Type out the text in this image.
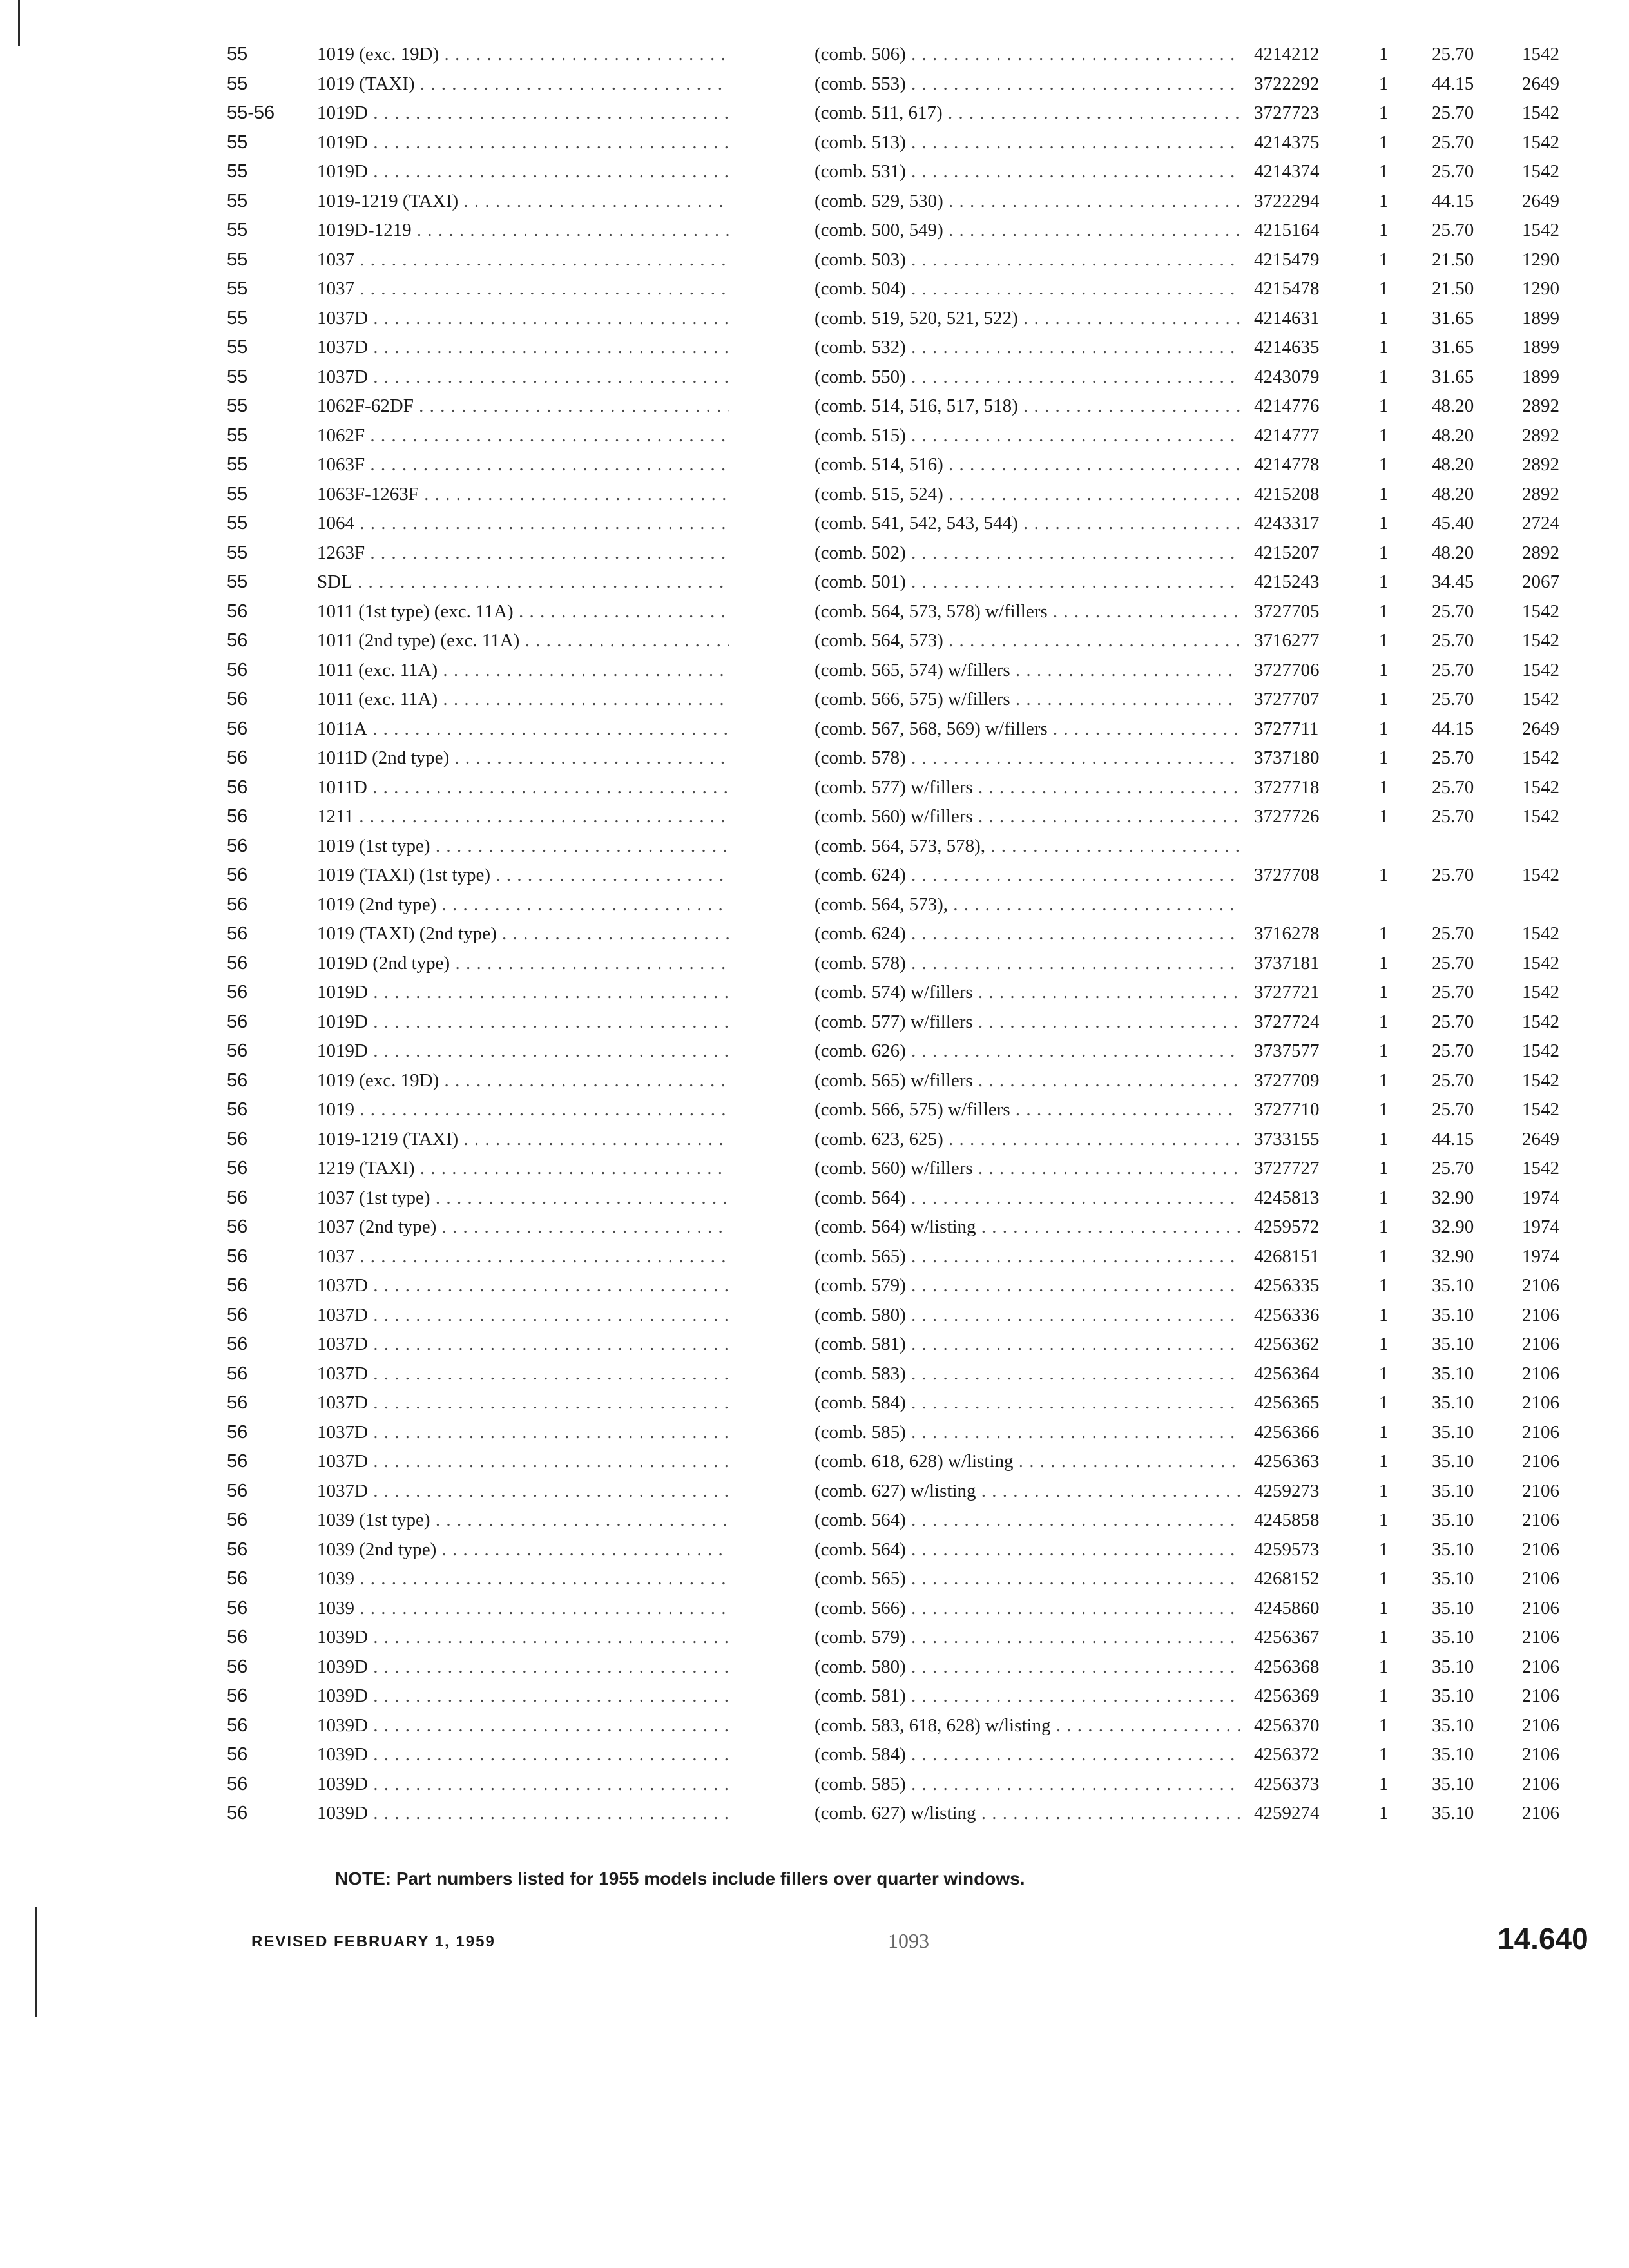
55	1019 (exc. 19D) . . .	(comb. 506) . . .	4214212	1 25.70	1542
55	1019 (TAXI) . . .	(comb. 553) . . .	3722292	1 44.15	2649
55-56 1019D . . .	(comb. 511, 617) . . .	3727723	1 25.70	1542
55	1019D . . .	(comb. 513) . . .	4214375	1 25.70	1542
55	1019D . . .	(comb. 531) . . .	4214374	1 25.70	1542
55	1019-1219 (TAXI) . . .	(comb. 529, 530) . . .	3722294	1 44.15	2649
55	1019D-1219 . . .	(comb. 500, 549) . . .	4215164	1 25.70	1542
55	1037 . . .	(comb. 503) . . .	4215479	1 21.50	1290
55	1037 . . .	(comb. 504) . . .	4215478	1 21.50	1290
55	1037D . . .	(comb. 519, 520, 521, 522) . . .	4214631	1 31.65	1899
55	1037D . . .	(comb. 532) . . .	4214635	1 31.65	1899
55	1037D . . .	(comb. 550) . . .	4243079	1 31.65	1899
55	1062F-62DF . . .	(comb. 514, 516, 517, 518) . . .	4214776	1 48.20	2892
55	1062F . . .	(comb. 515) . . .	4214777	1 48.20	2892
55	1063F . . .	(comb. 514, 516) . . .	4214778	1 48.20	2892
55	1063F-1263F . . .	(comb. 515, 524) . . .	4215208	1 48.20	2892
55	1064 . . .	(comb. 541, 542, 543, 544) . . .	4243317	1 45.40	2724
55	1263F . . .	(comb. 502) . . .	4215207	1 48.20	2892
55	SDL . . .	(comb. 501) . . .	4215243	1 34.45	2067
56	1011 (1st type) (exc. 11A) . . .	(comb. 564, 573, 578) w/fillers . . .	3727705	1 25.70	1542
56	1011 (2nd type) (exc. 11A) . . .	(comb. 564, 573) . . .	3716277	1 25.70	1542
56	1011 (exc. 11A) . . .	(comb. 565, 574) w/fillers . . .	3727706	1 25.70	1542
56	1011 (exc. 11A) . . .	(comb. 566, 575) w/fillers . . .	3727707	1 25.70	1542
56	1011A . . .	(comb. 567, 568, 569) w/fillers . . .	3727711	1 44.15	2649
56	1011D (2nd type) . . .	(comb. 578) . . .	3737180	1 25.70	1542
56	1011D . . .	(comb. 577) w/fillers . . .	3727718	1 25.70	1542
56	1211 . . .	(comb. 560) w/fillers . . .	3727726	1 25.70	1542
56	1019 (1st type) . . .	(comb. 564, 573, 578), . . .
56	1019 (TAXI) (1st type) . . .	(comb. 624) . . .	3727708	1 25.70	1542
56	1019 (2nd type) . . .	(comb. 564, 573), . . .
56	1019 (TAXI) (2nd type) . . .	(comb. 624) . . .	3716278	1 25.70	1542
56	1019D (2nd type) . . .	(comb. 578) . . .	3737181	1 25.70	1542
56	1019D . . .	(comb. 574) w/fillers . . .	3727721	1 25.70	1542
56	1019D . . .	(comb. 577) w/fillers . . .	3727724	1 25.70	1542
56	1019D . . .	(comb. 626) . . .	3737577	1 25.70	1542
56	1019 (exc. 19D) . . .	(comb. 565) w/fillers . . .	3727709	1 25.70	1542
56	1019 . . .	(comb. 566, 575) w/fillers . . .	3727710	1 25.70	1542
56	1019-1219 (TAXI) . . .	(comb. 623, 625) . . .	3733155	1 44.15	2649
56	1219 (TAXI) . . .	(comb. 560) w/fillers . . .	3727727	1 25.70	1542
56	1037 (1st type) . . .	(comb. 564) . . .	4245813	1 32.90	1974
56	1037 (2nd type) . . .	(comb. 564) w/listing . . .	4259572	1 32.90	1974
56	1037 . . .	(comb. 565) . . .	4268151	1 32.90	1974
56	1037D . . .	(comb. 579) . . .	4256335	1 35.10	2106
56	1037D . . .	(comb. 580) . . .	4256336	1 35.10	2106
56	1037D . . .	(comb. 581) . . .	4256362	1 35.10	2106
56	1037D . . .	(comb. 583) . . .	4256364	1 35.10	2106
56	1037D . . .	(comb. 584) . . .	4256365	1 35.10	2106
56	1037D . . .	(comb. 585) . . .	4256366	1 35.10	2106
56	1037D . . .	(comb. 618, 628) w/listing . . .	4256363	1 35.10	2106
56	1037D . . .	(comb. 627) w/listing . . .	4259273	1 35.10	2106
56	1039 (1st type) . . .	(comb. 564) . . .	4245858	1 35.10	2106
56	1039 (2nd type) . . .	(comb. 564) . . .	4259573	1 35.10	2106
56	1039 . . .	(comb. 565) . . .	4268152	1 35.10	2106
56	1039 . . .	(comb. 566) . . .	4245860	1 35.10	2106
56	1039D . . .	(comb. 579) . . .	4256367	1 35.10	2106
56	1039D . . .	(comb. 580) . . .	4256368	1 35.10	2106
56	1039D . . .	(comb. 581) . . .	4256369	1 35.10	2106
56	1039D . . .	(comb. 583, 618, 628) w/listing . . .	4256370	1 35.10	2106
56	1039D . . .	(comb. 584) . . .	4256372	1 35.10	2106
56	1039D . . .	(comb. 585) . . .	4256373	1 35.10	2106
56	1039D . . .	(comb. 627) w/listing . . .	4259274	1 35.10	2106
NOTE: Part numbers listed for 1955 models include fillers over quarter windows.
REVISED FEBRUARY 1, 1959	1093	14.640
